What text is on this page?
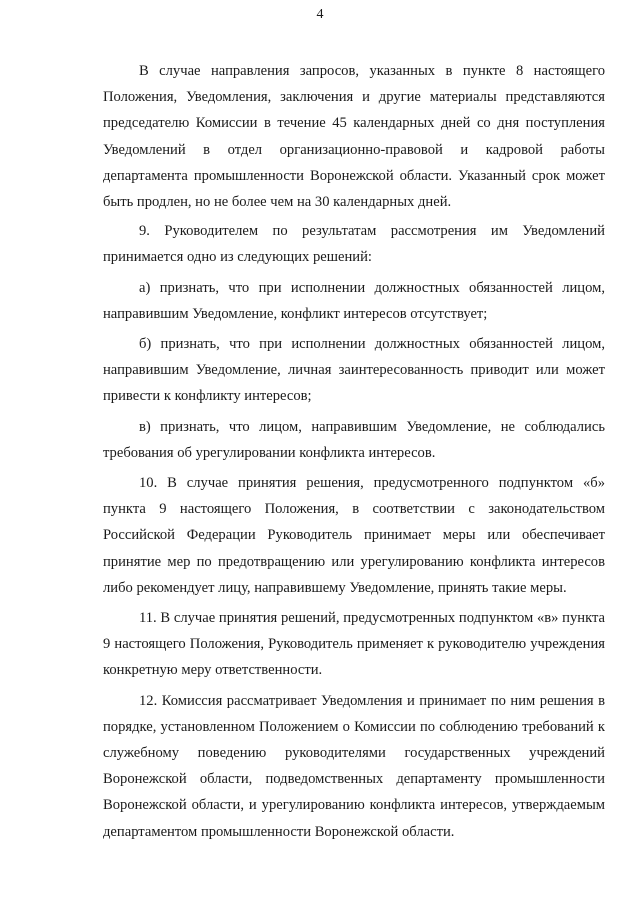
4

В случае направления запросов, указанных в пункте 8 настоящего Положения, Уведомления, заключения и другие материалы представляются председателю Комиссии в течение 45 календарных дней со дня поступления Уведомлений в отдел организационно-правовой и кадровой работы департамента промышленности Воронежской области. Указанный срок может быть продлен, но не более чем на 30 календарных дней.

9. Руководителем по результатам рассмотрения им Уведомлений принимается одно из следующих решений:

а) признать, что при исполнении должностных обязанностей лицом, направившим Уведомление, конфликт интересов отсутствует;

б) признать, что при исполнении должностных обязанностей лицом, направившим Уведомление, личная заинтересованность приводит или может привести к конфликту интересов;

в) признать, что лицом, направившим Уведомление, не соблюдались требования об урегулировании конфликта интересов.

10. В случае принятия решения, предусмотренного подпунктом «б» пункта 9 настоящего Положения, в соответствии с законодательством Российской Федерации Руководитель принимает меры или обеспечивает принятие мер по предотвращению или урегулированию конфликта интересов либо рекомендует лицу, направившему Уведомление, принять такие меры.

11. В случае принятия решений, предусмотренных подпунктом «в» пункта 9 настоящего Положения, Руководитель применяет к руководителю учреждения конкретную меру ответственности.

12. Комиссия рассматривает Уведомления и принимает по ним решения в порядке, установленном Положением о Комиссии по соблюдению требований к служебному поведению руководителями государственных учреждений Воронежской области, подведомственных департаменту промышленности Воронежской области, и урегулированию конфликта интересов, утверждаемым департаментом промышленности Воронежской области.
